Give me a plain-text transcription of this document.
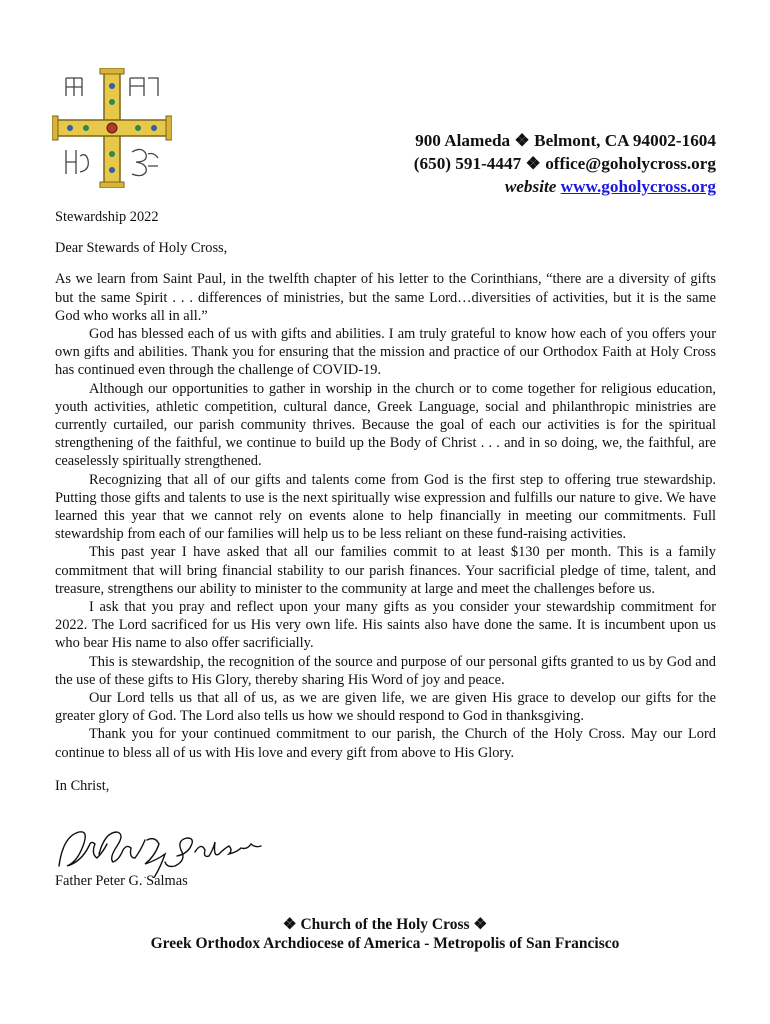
900 Alameda ❖ Belmont, CA 94002-1604
(650) 591-4447 ❖ office@goholycross.org
website www.goholycross.org

Stewardship 2022

Dear Stewards of Holy Cross,

As we learn from Saint Paul, in the twelfth chapter of his letter to the Corinthians, “there are a diversity of gifts but the same Spirit . . . differences of ministries, but the same Lord…diversities of activities, but it is the same God who works all in all.”

God has blessed each of us with gifts and abilities. I am truly grateful to know how each of you offers your own gifts and abilities. Thank you for ensuring that the mission and practice of our Orthodox Faith at Holy Cross has continued even through the challenge of COVID-19.

Although our opportunities to gather in worship in the church or to come together for religious education, youth activities, athletic competition, cultural dance, Greek Language, social and philanthropic ministries are currently curtailed, our parish community thrives. Because the goal of each our activities is for the spiritual strengthening of the faithful, we continue to build up the Body of Christ . . . and in so doing, we, the faithful, are ceaselessly spiritually strengthened.

Recognizing that all of our gifts and talents come from God is the first step to offering true stewardship. Putting those gifts and talents to use is the next spiritually wise expression and fulfills our nature to give. We have learned this year that we cannot rely on events alone to help financially in meeting our commitments. Full stewardship from each of our families will help us to be less reliant on these fund-raising activities.

This past year I have asked that all our families commit to at least $130 per month. This is a family commitment that will bring financial stability to our parish finances. Your sacrificial pledge of time, talent, and treasure, strengthens our ability to minister to the community at large and meet the challenges before us.

I ask that you pray and reflect upon your many gifts as you consider your stewardship commitment for 2022. The Lord sacrificed for us His very own life. His saints also have done the same. It is incumbent upon us who bear His name to also offer sacrificially.

This is stewardship, the recognition of the source and purpose of our personal gifts granted to us by God and the use of these gifts to His Glory, thereby sharing His Word of joy and peace.

Our Lord tells us that all of us, as we are given life, we are given His grace to develop our gifts for the greater glory of God. The Lord also tells us how we should respond to God in thanksgiving.

Thank you for your continued commitment to our parish, the Church of the Holy Cross. May our Lord continue to bless all of us with His love and every gift from above to His Glory.

In Christ,

Father Peter G. Salmas
❖ Church of the Holy Cross ❖
Greek Orthodox Archdiocese of America - Metropolis of San Francisco
